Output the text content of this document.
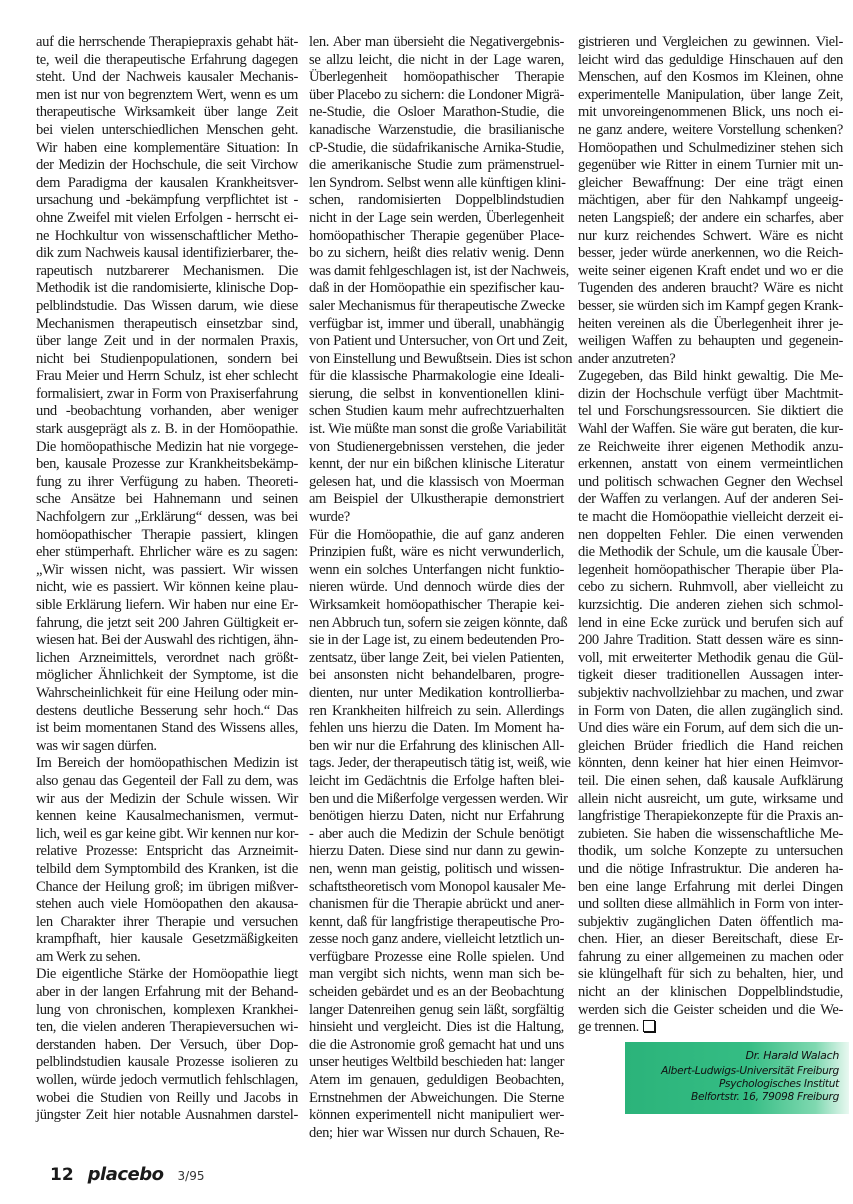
auf die herrschende Therapiepraxis gehabt hät-
te, weil die therapeutische Erfahrung dagegen
steht. Und der Nachweis kausaler Mechanis-
men ist nur von begrenztem Wert, wenn es um
therapeutische Wirksamkeit über lange Zeit
bei vielen unterschiedlichen Menschen geht.
Wir haben eine komplementäre Situation: In
der Medizin der Hochschule, die seit Virchow
dem Paradigma der kausalen Krankheitsver-
ursachung und -bekämpfung verpflichtet ist -
ohne Zweifel mit vielen Erfolgen - herrscht ei-
ne Hochkultur von wissenschaftlicher Metho-
dik zum Nachweis kausal identifizierbarer, the-
rapeutisch nutzbarerer Mechanismen. Die
Methodik ist die randomisierte, klinische Dop-
pelblindstudie. Das Wissen darum, wie diese
Mechanismen therapeutisch einsetzbar sind,
über lange Zeit und in der normalen Praxis,
nicht bei Studienpopulationen, sondern bei
Frau Meier und Herrn Schulz, ist eher schlecht
formalisiert, zwar in Form von Praxiserfahrung
und -beobachtung vorhanden, aber weniger
stark ausgeprägt als z. B. in der Homöopathie.
Die homöopathische Medizin hat nie vorgege-
ben, kausale Prozesse zur Krankheitsbekämp-
fung zu ihrer Verfügung zu haben. Theoreti-
sche Ansätze bei Hahnemann und seinen
Nachfolgern zur „Erklärung“ dessen, was bei
homöopathischer Therapie passiert, klingen
eher stümperhaft. Ehrlicher wäre es zu sagen:
„Wir wissen nicht, was passiert. Wir wissen
nicht, wie es passiert. Wir können keine plau-
sible Erklärung liefern. Wir haben nur eine Er-
fahrung, die jetzt seit 200 Jahren Gültigkeit er-
wiesen hat. Bei der Auswahl des richtigen, ähn-
lichen Arzneimittels, verordnet nach größt-
möglicher Ähnlichkeit der Symptome, ist die
Wahrscheinlichkeit für eine Heilung oder min-
destens deutliche Besserung sehr hoch.“ Das
ist beim momentanen Stand des Wissens alles,
was wir sagen dürfen.
Im Bereich der homöopathischen Medizin ist
also genau das Gegenteil der Fall zu dem, was
wir aus der Medizin der Schule wissen. Wir
kennen keine Kausalmechanismen, vermut-
lich, weil es gar keine gibt. Wir kennen nur kor-
relative Prozesse: Entspricht das Arzneimit-
telbild dem Symptombild des Kranken, ist die
Chance der Heilung groß; im übrigen mißver-
stehen auch viele Homöopathen den akausa-
len Charakter ihrer Therapie und versuchen
krampfhaft, hier kausale Gesetzmäßigkeiten
am Werk zu sehen.
Die eigentliche Stärke der Homöopathie liegt
aber in der langen Erfahrung mit der Behand-
lung von chronischen, komplexen Krankhei-
ten, die vielen anderen Therapieversuchen wi-
derstanden haben. Der Versuch, über Dop-
pelblindstudien kausale Prozesse isolieren zu
wollen, würde jedoch vermutlich fehlschlagen,
wobei die Studien von Reilly und Jacobs in
jüngster Zeit hier notable Ausnahmen darstel-
len. Aber man übersieht die Negativergebnis-
se allzu leicht, die nicht in der Lage waren,
Überlegenheit homöopathischer Therapie
über Placebo zu sichern: die Londoner Migrä-
ne-Studie, die Osloer Marathon-Studie, die
kanadische Warzenstudie, die brasilianische
cP-Studie, die südafrikanische Arnika-Studie,
die amerikanische Studie zum prämenstruel-
len Syndrom. Selbst wenn alle künftigen klini-
schen, randomisierten Doppelblindstudien
nicht in der Lage sein werden, Überlegenheit
homöopathischer Therapie gegenüber Place-
bo zu sichern, heißt dies relativ wenig. Denn
was damit fehlgeschlagen ist, ist der Nachweis,
daß in der Homöopathie ein spezifischer kau-
saler Mechanismus für therapeutische Zwecke
verfügbar ist, immer und überall, unabhängig
von Patient und Untersucher, von Ort und Zeit,
von Einstellung und Bewußtsein. Dies ist schon
für die klassische Pharmakologie eine Ideali-
sierung, die selbst in konventionellen klini-
schen Studien kaum mehr aufrechtzuerhalten
ist. Wie müßte man sonst die große Variabilität
von Studienergebnissen verstehen, die jeder
kennt, der nur ein bißchen klinische Literatur
gelesen hat, und die klassisch von Moerman
am Beispiel der Ulkustherapie demonstriert
wurde?
Für die Homöopathie, die auf ganz anderen
Prinzipien fußt, wäre es nicht verwunderlich,
wenn ein solches Unterfangen nicht funktio-
nieren würde. Und dennoch würde dies der
Wirksamkeit homöopathischer Therapie kei-
nen Abbruch tun, sofern sie zeigen könnte, daß
sie in der Lage ist, zu einem bedeutenden Pro-
zentsatz, über lange Zeit, bei vielen Patienten,
bei ansonsten nicht behandelbaren, progre-
dienten, nur unter Medikation kontrollierba-
ren Krankheiten hilfreich zu sein. Allerdings
fehlen uns hierzu die Daten. Im Moment ha-
ben wir nur die Erfahrung des klinischen All-
tags. Jeder, der therapeutisch tätig ist, weiß, wie
leicht im Gedächtnis die Erfolge haften blei-
ben und die Mißerfolge vergessen werden. Wir
benötigen hierzu Daten, nicht nur Erfahrung
- aber auch die Medizin der Schule benötigt
hierzu Daten. Diese sind nur dann zu gewin-
nen, wenn man geistig, politisch und wissen-
schaftstheoretisch vom Monopol kausaler Me-
chanismen für die Therapie abrückt und aner-
kennt, daß für langfristige therapeutische Pro-
zesse noch ganz andere, vielleicht letztlich un-
verfügbare Prozesse eine Rolle spielen. Und
man vergibt sich nichts, wenn man sich be-
scheiden gebärdet und es an der Beobachtung
langer Datenreihen genug sein läßt, sorgfältig
hinsieht und vergleicht. Dies ist die Haltung,
die die Astronomie groß gemacht hat und uns
unser heutiges Weltbild beschieden hat: langer
Atem im genauen, geduldigen Beobachten,
Ernstnehmen der Abweichungen. Die Sterne
können experimentell nicht manipuliert wer-
den; hier war Wissen nur durch Schauen, Re-
gistrieren und Vergleichen zu gewinnen. Viel-
leicht wird das geduldige Hinschauen auf den
Menschen, auf den Kosmos im Kleinen, ohne
experimentelle Manipulation, über lange Zeit,
mit unvoreingenommenen Blick, uns noch ei-
ne ganz andere, weitere Vorstellung schenken?
Homöopathen und Schulmediziner stehen sich
gegenüber wie Ritter in einem Turnier mit un-
gleicher Bewaffnung: Der eine trägt einen
mächtigen, aber für den Nahkampf ungeeig-
neten Langspieß; der andere ein scharfes, aber
nur kurz reichendes Schwert. Wäre es nicht
besser, jeder würde anerkennen, wo die Reich-
weite seiner eigenen Kraft endet und wo er die
Tugenden des anderen braucht? Wäre es nicht
besser, sie würden sich im Kampf gegen Krank-
heiten vereinen als die Überlegenheit ihrer je-
weiligen Waffen zu behaupten und gegenein-
ander anzutreten?
Zugegeben, das Bild hinkt gewaltig. Die Me-
dizin der Hochschule verfügt über Machtmit-
tel und Forschungsressourcen. Sie diktiert die
Wahl der Waffen. Sie wäre gut beraten, die kur-
ze Reichweite ihrer eigenen Methodik anzu-
erkennen, anstatt von einem vermeintlichen
und politisch schwachen Gegner den Wechsel
der Waffen zu verlangen. Auf der anderen Sei-
te macht die Homöopathie vielleicht derzeit ei-
nen doppelten Fehler. Die einen verwenden
die Methodik der Schule, um die kausale Über-
legenheit homöopathischer Therapie über Pla-
cebo zu sichern. Ruhmvoll, aber vielleicht zu
kurzsichtig. Die anderen ziehen sich schmol-
lend in eine Ecke zurück und berufen sich auf
200 Jahre Tradition. Statt dessen wäre es sinn-
voll, mit erweiterter Methodik genau die Gül-
tigkeit dieser traditionellen Aussagen inter-
subjektiv nachvollziehbar zu machen, und zwar
in Form von Daten, die allen zugänglich sind.
Und dies wäre ein Forum, auf dem sich die un-
gleichen Brüder friedlich die Hand reichen
könnten, denn keiner hat hier einen Heimvor-
teil. Die einen sehen, daß kausale Aufklärung
allein nicht ausreicht, um gute, wirksame und
langfristige Therapiekonzepte für die Praxis an-
zubieten. Sie haben die wissenschaftliche Me-
thodik, um solche Konzepte zu untersuchen
und die nötige Infrastruktur. Die anderen ha-
ben eine lange Erfahrung mit derlei Dingen
und sollten diese allmählich in Form von inter-
subjektiv zugänglichen Daten öffentlich ma-
chen. Hier, an dieser Bereitschaft, diese Er-
fahrung zu einer allgemeinen zu machen oder
sie klüngelhaft für sich zu behalten, hier, und
nicht an der klinischen Doppelblindstudie,
werden sich die Geister scheiden und die We-
ge trennen.
Dr. Harald Walach
Albert-Ludwigs-Universität Freiburg
Psychologisches Institut
Belfortstr. 16, 79098 Freiburg
12 placebo 3/95
